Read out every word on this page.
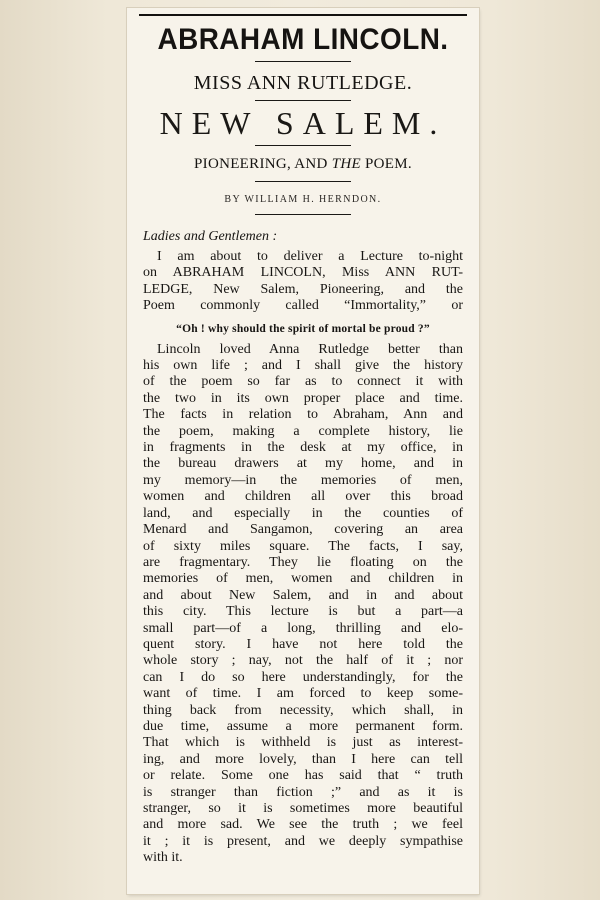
ABRAHAM LINCOLN.
MISS ANN RUTLEDGE.
NEW SALEM.
PIONEERING, AND THE POEM.
BY WILLIAM H. HERNDON.
Ladies and Gentlemen :
I am about to deliver a Lecture to-night
on ABRAHAM LINCOLN, Miss ANN RUT-
LEDGE, New Salem, Pioneering, and the
Poem commonly called “Immortality,” or
“Oh ! why should the spirit of mortal be proud ?”
Lincoln loved Anna Rutledge better than
his own life ; and I shall give the history
of the poem so far as to connect it with
the two in its own proper place and time.
The facts in relation to Abraham, Ann and
the poem, making a complete history, lie
in fragments in the desk at my office, in
the bureau drawers at my home, and in
my memory—in the memories of men,
women and children all over this broad
land, and especially in the counties of
Menard and Sangamon, covering an area
of sixty miles square. The facts, I say,
are fragmentary. They lie floating on the
memories of men, women and children in
and about New Salem, and in and about
this city. This lecture is but a part—a
small part—of a long, thrilling and elo-
quent story. I have not here told the
whole story ; nay, not the half of it ; nor
can I do so here understandingly, for the
want of time. I am forced to keep some-
thing back from necessity, which shall, in
due time, assume a more permanent form.
That which is withheld is just as interest-
ing, and more lovely, than I here can tell
or relate. Some one has said that “ truth
is stranger than fiction ;” and as it is
stranger, so it is sometimes more beautiful
and more sad. We see the truth ; we feel
it ; it is present, and we deeply sympathise
with it.
